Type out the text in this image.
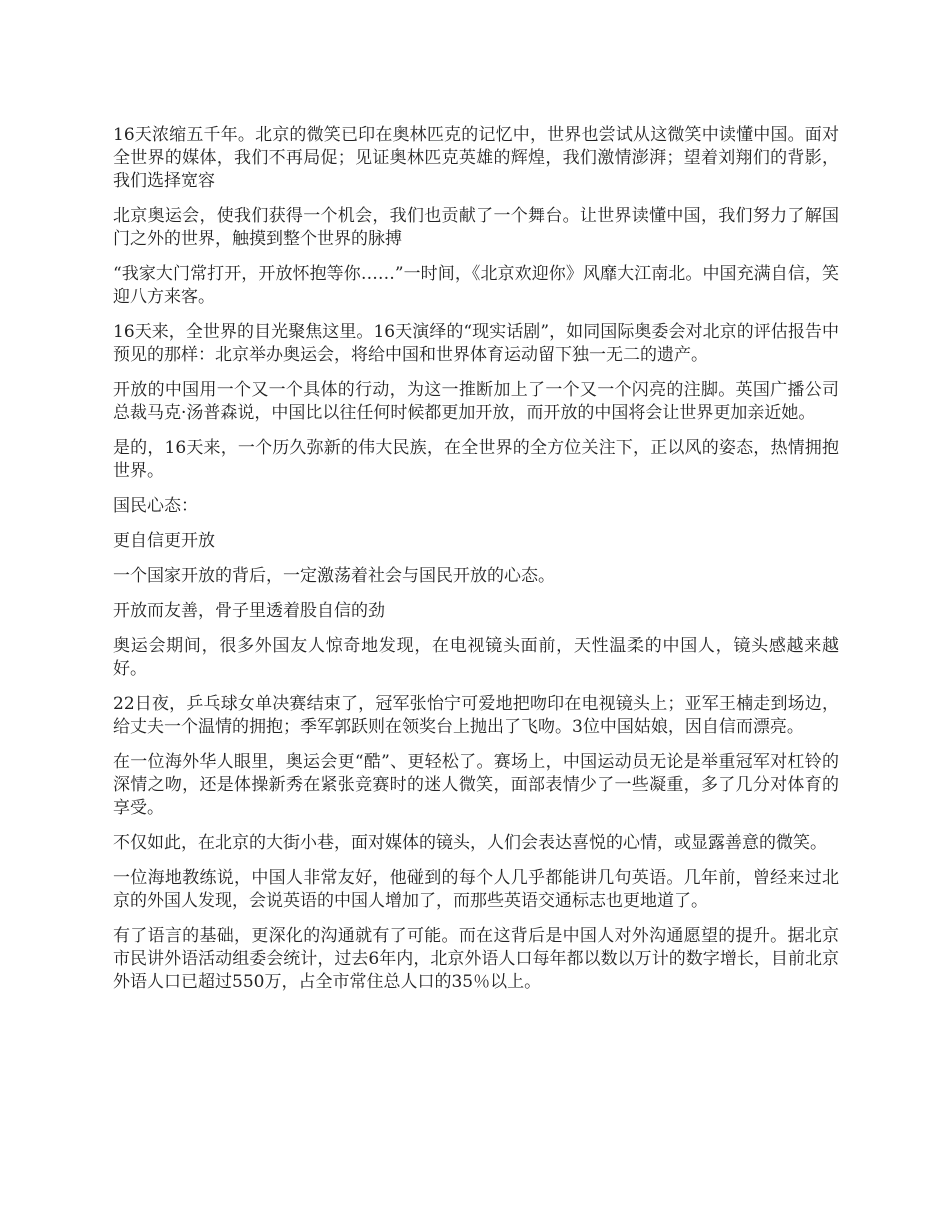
16天浓缩五千年。北京的微笑已印在奥林匹克的记忆中，世界也尝试从这微笑中读懂中国。面对全世界的媒体，我们不再局促；见证奥林匹克英雄的辉煌，我们激情澎湃；望着刘翔们的背影，我们选择宽容

北京奥运会，使我们获得一个机会，我们也贡献了一个舞台。让世界读懂中国，我们努力了解国门之外的世界，触摸到整个世界的脉搏

“我家大门常打开，开放怀抱等你……”一时间，《北京欢迎你》风靡大江南北。中国充满自信，笑迎八方来客。

16天来，全世界的目光聚焦这里。16天演绎的“现实话剧”，如同国际奥委会对北京的评估报告中预见的那样：北京举办奥运会，将给中国和世界体育运动留下独一无二的遗产。

开放的中国用一个又一个具体的行动，为这一推断加上了一个又一个闪亮的注脚。英国广播公司总裁马克·汤普森说，中国比以往任何时候都更加开放，而开放的中国将会让世界更加亲近她。

是的，16天来，一个历久弥新的伟大民族，在全世界的全方位关注下，正以风的姿态，热情拥抱世界。

国民心态：

更自信更开放

一个国家开放的背后，一定激荡着社会与国民开放的心态。

开放而友善，骨子里透着股自信的劲

奥运会期间，很多外国友人惊奇地发现，在电视镜头面前，天性温柔的中国人，镜头感越来越好。

22日夜，乒乓球女单决赛结束了，冠军张怡宁可爱地把吻印在电视镜头上；亚军王楠走到场边，给丈夫一个温情的拥抱；季军郭跃则在领奖台上抛出了飞吻。3位中国姑娘，因自信而漂亮。

在一位海外华人眼里，奥运会更“酷”、更轻松了。赛场上，中国运动员无论是举重冠军对杠铃的深情之吻，还是体操新秀在紧张竞赛时的迷人微笑，面部表情少了一些凝重，多了几分对体育的享受。

不仅如此，在北京的大街小巷，面对媒体的镜头，人们会表达喜悦的心情，或显露善意的微笑。

一位海地教练说，中国人非常友好，他碰到的每个人几乎都能讲几句英语。几年前，曾经来过北京的外国人发现，会说英语的中国人增加了，而那些英语交通标志也更地道了。

有了语言的基础，更深化的沟通就有了可能。而在这背后是中国人对外沟通愿望的提升。据北京市民讲外语活动组委会统计，过去6年内，北京外语人口每年都以数以万计的数字增长，目前北京外语人口已超过550万，占全市常住总人口的35％以上。
